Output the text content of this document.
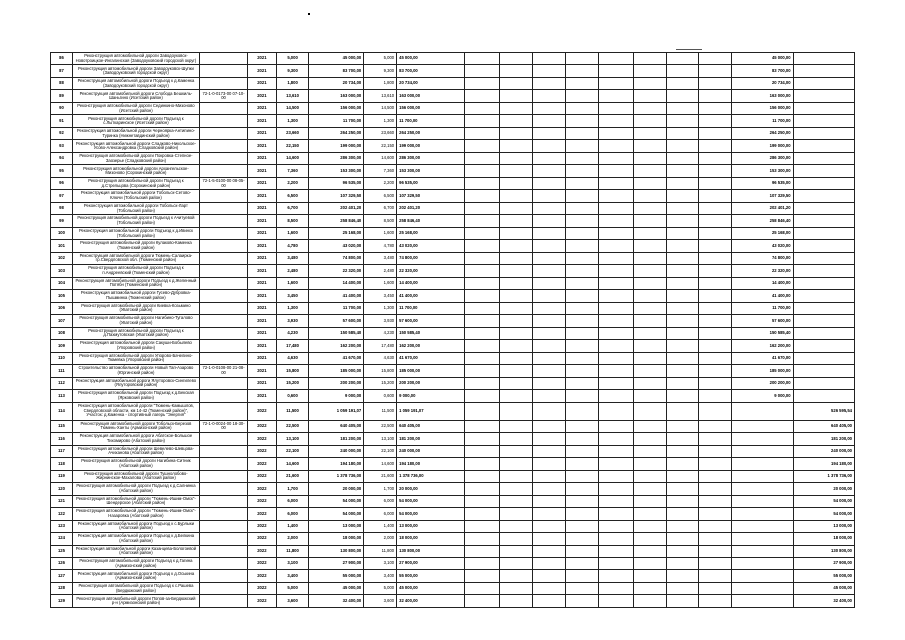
86	Реконструкция автомобильной дороги Заводоуковск-Новотроицкое-Ингалинская (Заводоуковский городской округ)		2021	5,000	45 000,00	5,000	45 000,00									45 000,00	
87	Реконструкция автомобильной дороги Заводоуковск-Шупки (Заводоуковский городской округ)		2021	9,300	83 700,00	9,300	83 700,00									83 700,00	
88	Реконструкция автомобильной дороги Подъезд к д.Каменка (Заводоуковский городской округ)		2021	1,800	20 734,00	1,800	20 734,00									20 734,00	
89	Реконструкция автомобильной дороги Слобода Бешкиль-Шаньгино (Исетский район)	72-1-0-0173-00 07-10-00	2021	13,610	163 000,00	13,610	163 000,00									163 000,00	
90	Реконструкция автомобильной дороги Сединкино-Мизоново (Исетский район)		2021	14,500	156 000,00	14,500	156 000,00									156 000,00	
91	Реконструкция автомобильной дороги Подъезд к с.Лыткаринское (Исетский район)		2021	1,300	11 700,00	1,300	11 700,00									11 700,00	
92	Реконструкция автомобильной дороги Черноярка-Антипино-Туринка (Нижнетавдинский район)		2021	23,660	264 250,00	23,660	264 250,00									264 250,00	
93	Реконструкция автомобильной дороги Сладково-Никольское-Усово-Александровка (Сладковский район)		2021	22,150	199 000,00	22,150	199 000,00									199 000,00	
94	Реконструкция автомобильной дороги Покровка-Степное-Заозерье (Сладковский район)		2021	14,600	286 300,00	14,600	286 300,00									286 300,00	
95	Реконструкция автомобильной дороги Архангельское-Мизоново (Сорокинский район)		2021	7,360	153 300,00	7,360	153 300,00									153 300,00	
96	Реконструкция автомобильной дороги Подъезд к д.Стрельцова (Сорокинский район)	72-1-5-0100-00 08-05-00	2021	2,200	96 535,00	2,200	96 535,00									96 535,00	
97	Реконструкция автомобильной дороги Тобольск-Сетово-Ключи (Тобольский район)		2021	6,500	107 329,50	6,500	107 329,50									107 329,50	
98	Реконструкция автомобильной дороги Тобольск-Ларт (Тобольский район)		2021	6,700	202 401,20	6,700	202 401,20									202 401,20	
99	Реконструкция автомобильной дороги Подъезд к Ачитуевой (Тобольский район)		2021	8,500	258 846,40	8,500	258 846,40									258 846,40	
100	Реконструкция автомобильной дороги Подъезд к д.Ивинск (Тобольский район)		2021	1,600	25 168,00	1,600	25 168,00									25 168,00	
101	Реконструкция автомобильной дороги Кулаково-Каменка (Тюменский район)		2021	4,780	43 020,00	4,780	43 020,00									43 020,00	
102	Реконструкция автомобильной дороги Тюмень-Салаирка-гр.Свердловской обл. (Тюменский район)		2021	3,480	74 800,00	3,480	74 800,00									74 800,00	
103	Реконструкция автомобильной дороги Подъезд к п.Андреевский (Тюменский район)		2021	2,480	22 320,00	2,480	22 320,00									22 320,00	
104	Реконструкция автомобильной дороги Подъезд к д.Желенный Потябн (Тюменский район)		2021	1,600	14 400,00	1,600	14 400,00									14 400,00	
105	Реконструкция автомобильной дороги Гусево-Дубровка-Пышминка (Тюменский район)		2021	3,450	41 400,00	3,450	41 400,00									41 400,00	
106	Реконструкция автомобильной дороги Киевка-Козьмино (Уватский район)		2021	1,300	11 700,00	1,300	11 700,00									11 700,00	
107	Реконструкция автомобильной дороги Нагибино-Тугалово (Уватский район)		2021	3,930	57 600,00	3,930	57 600,00									57 600,00	
108	Реконструкция автомобильной дороги Подъезд к д.Пахмутовская (Уватский район)		2021	4,230	150 585,40	4,230	150 585,40									150 585,40	
109	Реконструкция автомобильной дороги Сакуши-Бобылево (Упоровский район)		2021	17,480	162 200,00	17,480	162 200,00									162 200,00	
110	Реконструкция автомобильной дороги Упорово-Бачелино-Тюмевка (Упоровский район)		2021	4,630	41 670,00	4,630	41 670,00									41 670,00	
111	Строительство автомобильной дороги Новый Тап-Азарово (Юргинский район)	72-1-0-0108-00 21-08-00	2021	15,800	185 000,00	15,800	185 000,00									185 000,00	
112	Реконструкция автомобильной дороги Ялуторовск-Сингилево (Ялуторовский район)		2021	15,200	200 200,00	15,200	200 200,00									200 200,00	
113	Реконструкция автомобильной дороги Подъезд к д.Бекская (Ярковский район)		2021	0,600	9 000,00	0,600	9 000,00									9 000,00	
114	Реконструкция автомобильной дороги "Тюмень-Камышлов, Свердловской области, км 14-42 (Тюменский район)", Участок: д.Каменка - спортивный лагерь "Энергия"		2022	11,500	1 059 191,07	11,500	1 059 191,07										526 595,54
115	Реконструкция автомобильной дороги Тобольск-Березов Тюмень-Ханты (Армизонский район)	72-1-0-0024-00 18-30-00	2022	22,500	640 405,00	22,500	640 405,00										640 405,00
116	Реконструкция автомобильной дороги Абатское-Большое Тихомирово (Абатский район)		2022	13,100	181 200,00	13,100	181 200,00										181 200,00
117	Реконструкция автомобильной дороги Шевелево-Шевцова-Ачиханова (Абатский район)		2022	22,100	240 000,00	22,100	240 000,00										240 000,00
118	Реконструкция автомобильной дороги Нагибина-Ситник (Абатский район)		2022	14,600	194 180,00	14,600	194 180,00										194 180,00
119	Реконструкция автомобильной дороги Тушнолобово-Жирнинское-Махалова (Абатский район)		2022	21,600	1 378 736,00	21,600	1 378 736,00										1 378 736,00
120	Реконструкция автомобильной дороги Подъезд к д.Салнинка (Абатский район)		2022	1,700	20 000,00	1,700	20 000,00										20 000,00
121	Реконструкция автомобильной дороги "Тюмень-Ишим-Омск"-Шендерское (Абатский район)		2022	6,000	54 000,00	6,000	54 000,00										54 000,00
122	Реконструкция автомобильной дороги "Тюмень-Ишим-Омск"-Назаровка (Абатский район)		2022	6,000	54 000,00	6,000	54 000,00										54 000,00
123	Реконструкция автомобильной дороги Подъезд к с.Бурлыки (Абатский район)		2022	1,400	13 000,00	1,400	13 000,00										13 000,00
124	Реконструкция автомобильной дороги Подъезд к д.Белкина (Абатский район)		2022	2,000	18 000,00	2,000	18 000,00										18 000,00
125	Реконструкция автомобильной дороги Казанцева-Бологоевой (Абатский район)		2022	11,800	130 800,00	11,800	130 800,00										130 800,00
126	Реконструкция автомобильной дороги Подъезд к д.Гагина (Армизонский район)		2022	3,100	27 900,00	3,100	27 900,00										27 900,00
127	Реконструкция автомобильной дороги Подъезд к д.Оськина (Армизонский район)		2022	3,400	55 000,00	3,400	55 000,00										55 000,00
128	Реконструкция автомобильной дороги Подъезд к с.Рашева (Бердюжский район)		2022	5,000	45 000,00	5,000	45 000,00										45 000,00
129	Реконструкция автомобильной дороги Попов-за-Бердюжский р-н (Армизонский район)		2022	3,600	32 400,00	3,600	32 400,00										32 400,00
